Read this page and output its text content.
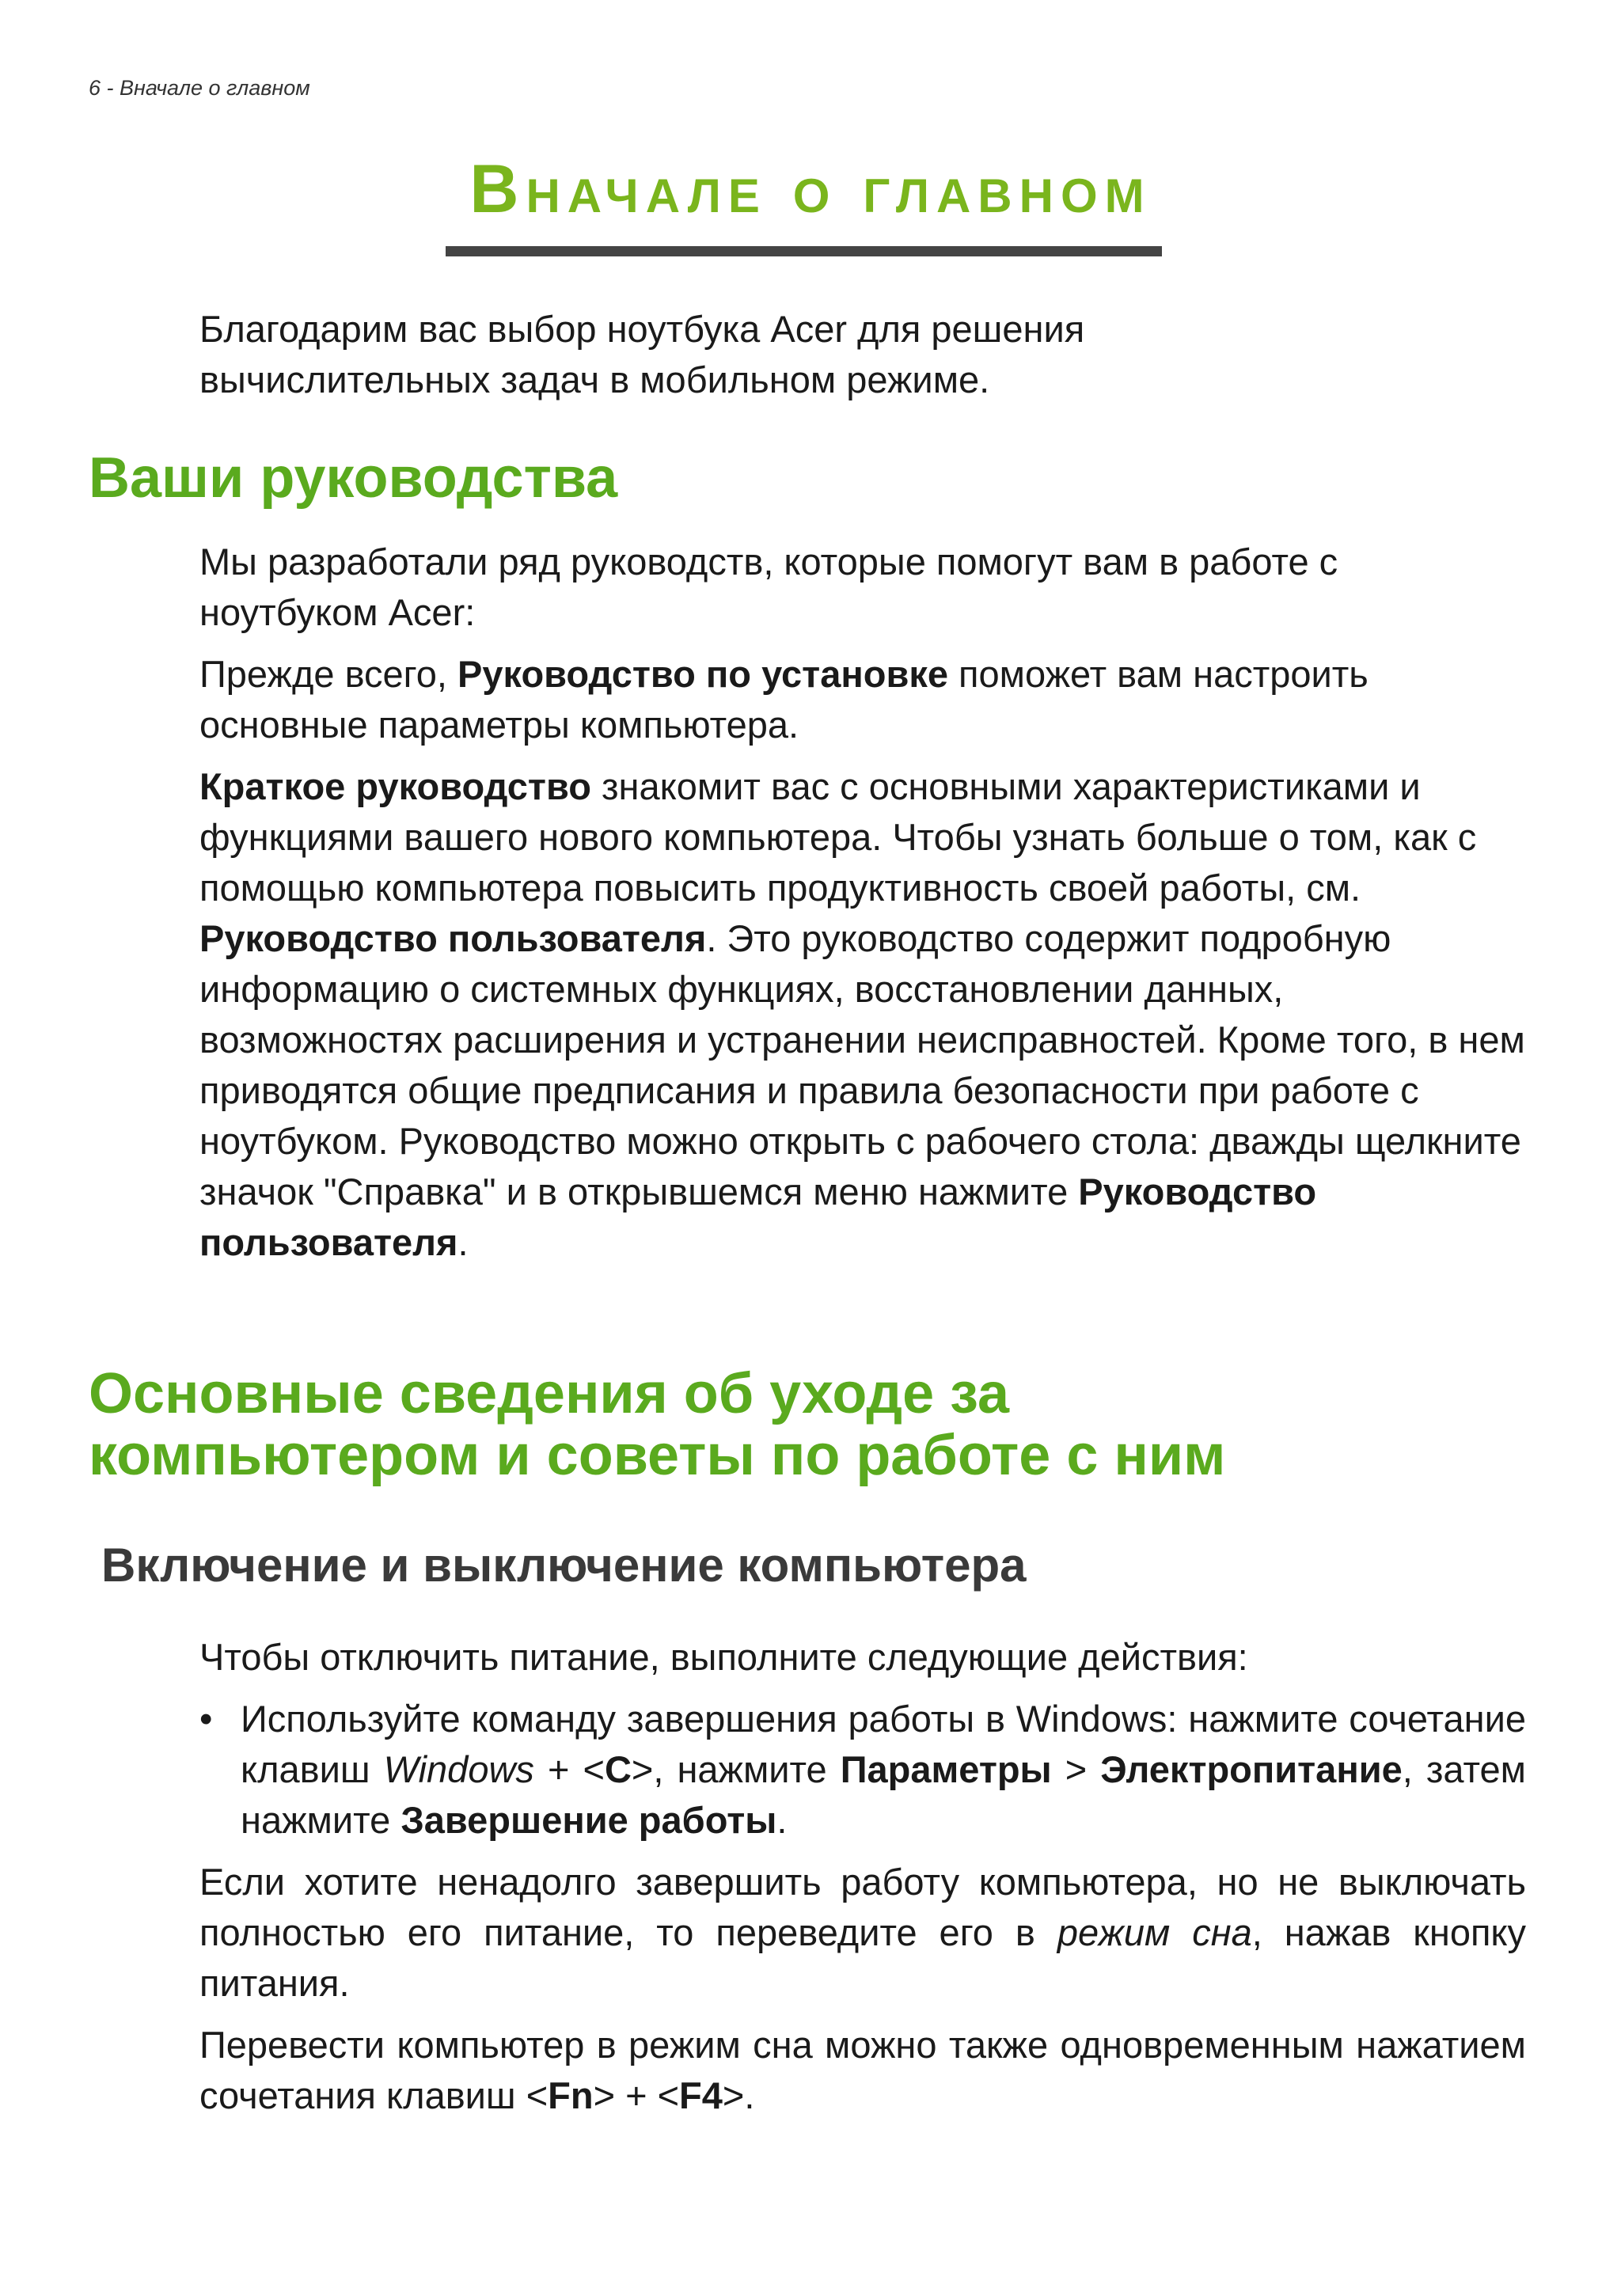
6 - Вначале о главном
Вначале о главном

Благодарим вас выбор ноутбука Acer для решения вычислительных задач в мобильном режиме.

Ваши руководства

Мы разработали ряд руководств, которые помогут вам в работе с ноутбуком Acer:

Прежде всего, Руководство по установке поможет вам настроить основные параметры компьютера.

Краткое руководство знакомит вас с основными характеристиками и функциями вашего нового компьютера. Чтобы узнать больше о том, как с помощью компьютера повысить продуктивность своей работы, см. Руководство пользователя. Это руководство содержит подробную информацию о системных функциях, восстановлении данных, возможностях расширения и устранении неисправностей. Кроме того, в нем приводятся общие предписания и правила безопасности при работе с ноутбуком. Руководство можно открыть с рабочего стола: дважды щелкните значок "Справка" и в открывшемся меню нажмите Руководство пользователя.

Основные сведения об уходе за
компьютером и советы по работе с ним
Включение и выключение компьютера

Чтобы отключить питание, выполните следующие действия:

• Используйте команду завершения работы в Windows: нажмите сочетание клавиш Windows + <C>, нажмите Параметры > Электропитание, затем нажмите Завершение работы.

Если хотите ненадолго завершить работу компьютера, но не выключать полностью его питание, то переведите его в режим сна, нажав кнопку питания.

Перевести компьютер в режим сна можно также одновременным нажатием сочетания клавиш <Fn> + <F4>.
